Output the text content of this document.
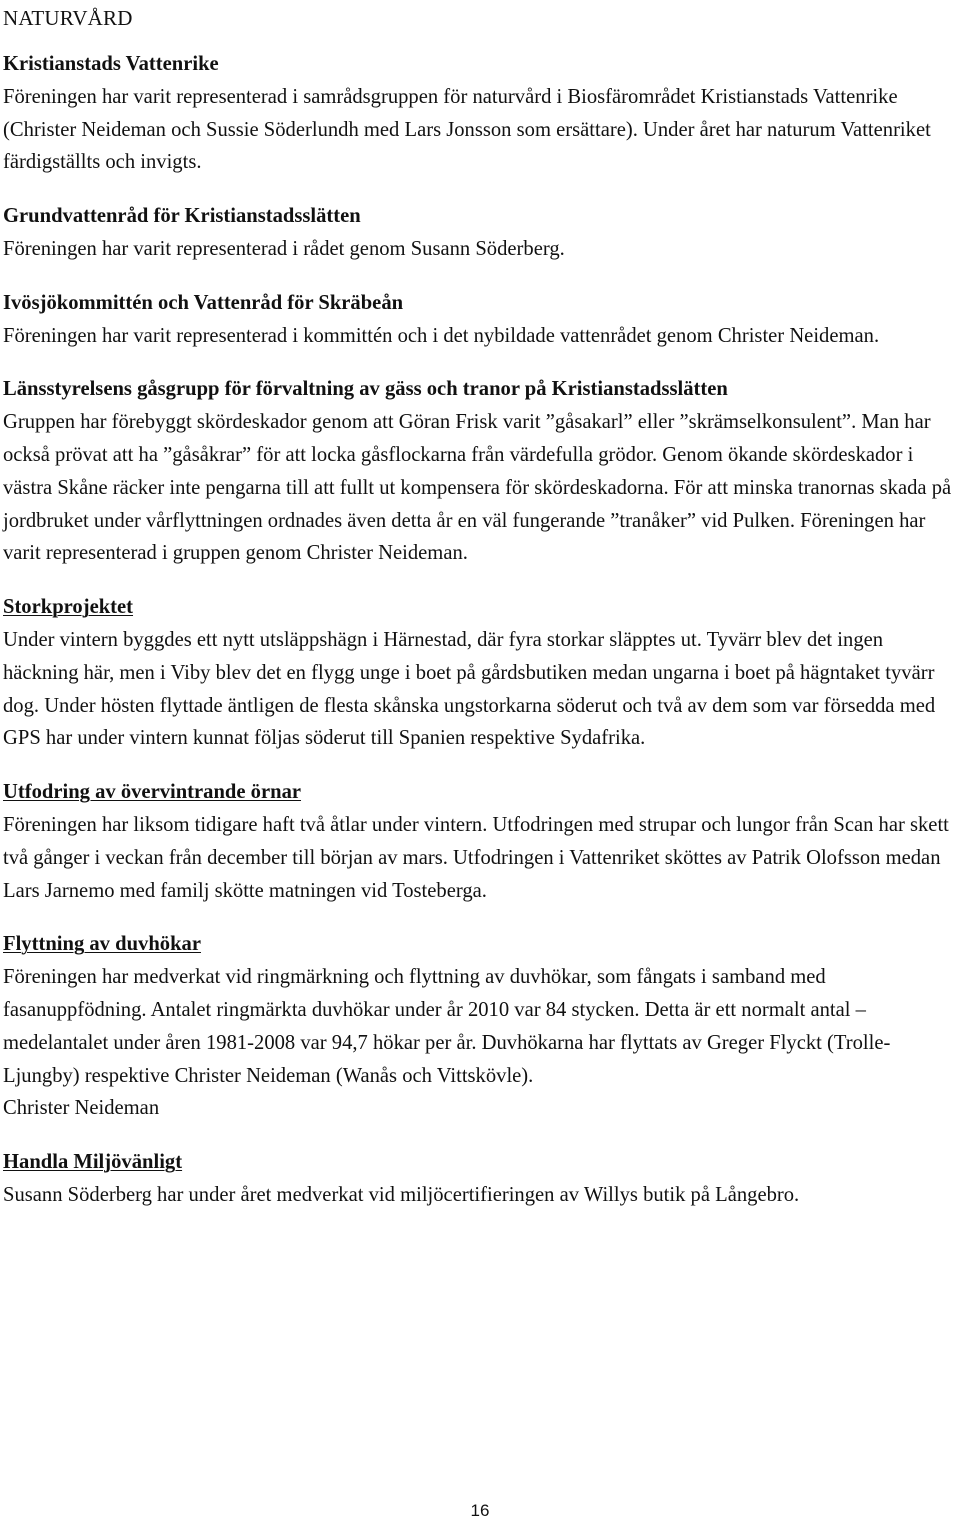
NATURVÅRD

Kristianstads Vattenrike

Föreningen har varit representerad i samrådsgruppen för naturvård i Biosfärområdet Kristianstads Vattenrike (Christer Neideman och Sussie Söderlundh med Lars Jonsson som ersättare). Under året har naturum Vattenriket färdigställts och invigts.

Grundvattenråd för Kristianstadsslätten

Föreningen har varit representerad i rådet genom Susann Söderberg.

Ivösjökommittén och Vattenråd för Skräbeån

Föreningen har varit representerad i kommittén och i det nybildade vattenrådet genom Christer Neideman.

Länsstyrelsens gåsgrupp för förvaltning av gäss och tranor på Kristianstadsslätten

Gruppen har förebyggt skördeskador genom att Göran Frisk varit ”gåsakarl” eller ”skrämselkonsulent”. Man har också prövat att ha ”gåsåkrar” för att locka gåsflockarna från värdefulla grödor. Genom ökande skördeskador i västra Skåne räcker inte pengarna till att fullt ut kompensera för skördeskadorna. För att minska tranornas skada på jordbruket under vårflyttningen ordnades även detta år en väl fungerande ”tranåker” vid Pulken. Föreningen har varit representerad i gruppen genom Christer Neideman.

Storkprojektet

Under vintern byggdes ett nytt utsläppshägn i Härnestad, där fyra storkar släpptes ut. Tyvärr blev det ingen häckning här, men i Viby blev det en flygg unge i boet på gårdsbutiken medan ungarna i boet på hägntaket tyvärr dog. Under hösten flyttade äntligen de flesta skånska ungstorkarna söderut och två av dem som var försedda med GPS har under vintern kunnat följas söderut till Spanien respektive Sydafrika.

Utfodring av övervintrande örnar

Föreningen har liksom tidigare haft två åtlar under vintern. Utfodringen med strupar och lungor från Scan har skett två gånger i veckan från december till början av mars. Utfodringen i Vattenriket sköttes av Patrik Olofsson medan Lars Jarnemo med familj skötte matningen vid Tosteberga.

Flyttning av duvhökar

Föreningen har medverkat vid ringmärkning och flyttning av duvhökar, som fångats i samband med fasanuppfödning. Antalet ringmärkta duvhökar under år 2010 var 84 stycken. Detta är ett normalt antal – medelantalet under åren 1981-2008 var 94,7 hökar per år. Duvhökarna har flyttats av Greger Flyckt (Trolle-Ljungby) respektive Christer Neideman (Wanås och Vittskövle).

Christer Neideman

Handla Miljövänligt

Susann Söderberg har under året medverkat vid miljöcertifieringen av Willys butik på Långebro.

16
